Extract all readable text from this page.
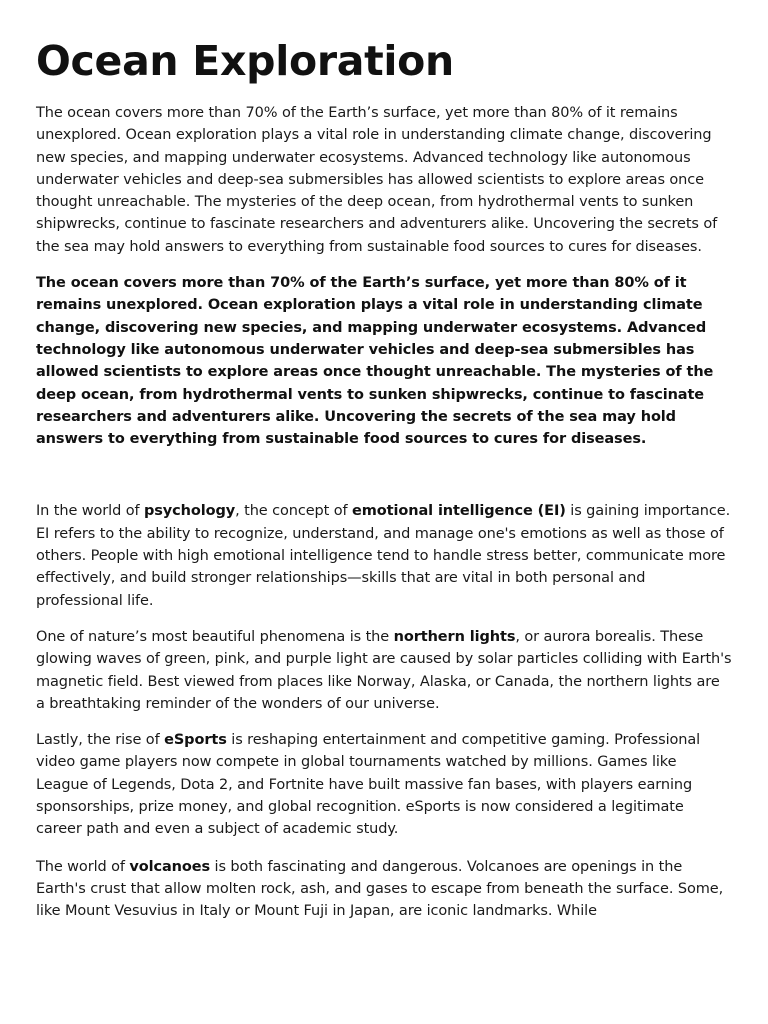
Ocean Exploration

The ocean covers more than 70% of the Earth’s surface, yet more than 80% of it remains unexplored. Ocean exploration plays a vital role in understanding climate change, discovering new species, and mapping underwater ecosystems. Advanced technology like autonomous underwater vehicles and deep-sea submersibles has allowed scientists to explore areas once thought unreachable. The mysteries of the deep ocean, from hydrothermal vents to sunken shipwrecks, continue to fascinate researchers and adventurers alike. Uncovering the secrets of the sea may hold answers to everything from sustainable food sources to cures for diseases.

The ocean covers more than 70% of the Earth’s surface, yet more than 80% of it remains unexplored. Ocean exploration plays a vital role in understanding climate change, discovering new species, and mapping underwater ecosystems. Advanced technology like autonomous underwater vehicles and deep-sea submersibles has allowed scientists to explore areas once thought unreachable. The mysteries of the deep ocean, from hydrothermal vents to sunken shipwrecks, continue to fascinate researchers and adventurers alike. Uncovering the secrets of the sea may hold answers to everything from sustainable food sources to cures for diseases.

In the world of psychology, the concept of emotional intelligence (EI) is gaining importance. EI refers to the ability to recognize, understand, and manage one's emotions as well as those of others. People with high emotional intelligence tend to handle stress better, communicate more effectively, and build stronger relationships—skills that are vital in both personal and professional life.

One of nature’s most beautiful phenomena is the northern lights, or aurora borealis. These glowing waves of green, pink, and purple light are caused by solar particles colliding with Earth's magnetic field. Best viewed from places like Norway, Alaska, or Canada, the northern lights are a breathtaking reminder of the wonders of our universe.

Lastly, the rise of eSports is reshaping entertainment and competitive gaming. Professional video game players now compete in global tournaments watched by millions. Games like League of Legends, Dota 2, and Fortnite have built massive fan bases, with players earning sponsorships, prize money, and global recognition. eSports is now considered a legitimate career path and even a subject of academic study.

The world of volcanoes is both fascinating and dangerous. Volcanoes are openings in the Earth's crust that allow molten rock, ash, and gases to escape from beneath the surface. Some, like Mount Vesuvius in Italy or Mount Fuji in Japan, are iconic landmarks. While
